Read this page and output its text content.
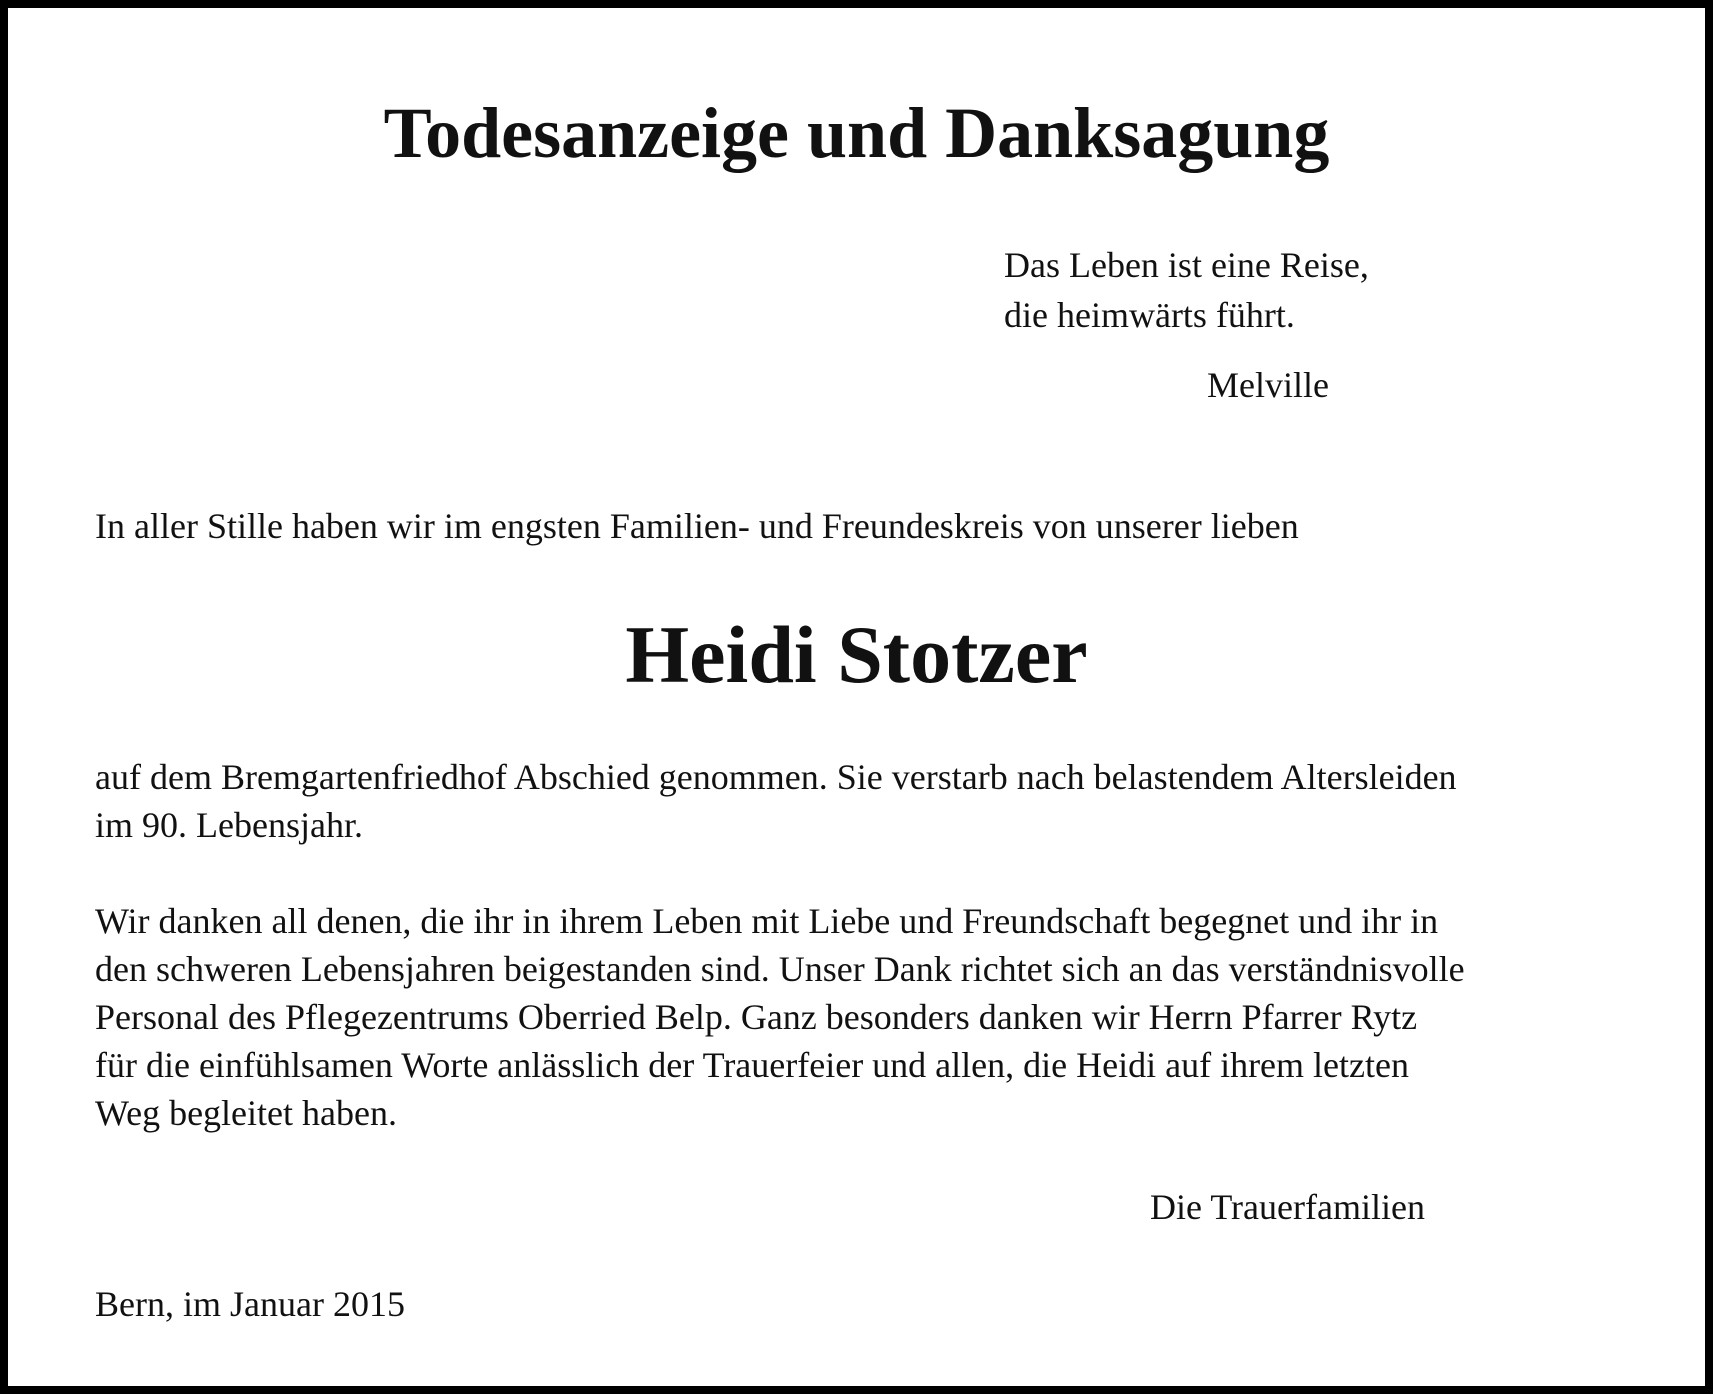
Todesanzeige und Danksagung
Das Leben ist eine Reise,
die heimwärts führt.
Melville
In aller Stille haben wir im engsten Familien- und Freundeskreis von unserer lieben
Heidi Stotzer
auf dem Bremgartenfriedhof Abschied genommen. Sie verstarb nach belastendem Altersleiden
im 90. Lebensjahr.
Wir danken all denen, die ihr in ihrem Leben mit Liebe und Freundschaft begegnet und ihr in
den schweren Lebensjahren beigestanden sind. Unser Dank richtet sich an das verständnisvolle
Personal des Pflegezentrums Oberried Belp. Ganz besonders danken wir Herrn Pfarrer Rytz
für die einfühlsamen Worte anlässlich der Trauerfeier und allen, die Heidi auf ihrem letzten
Weg begleitet haben.
Die Trauerfamilien
Bern, im Januar 2015
